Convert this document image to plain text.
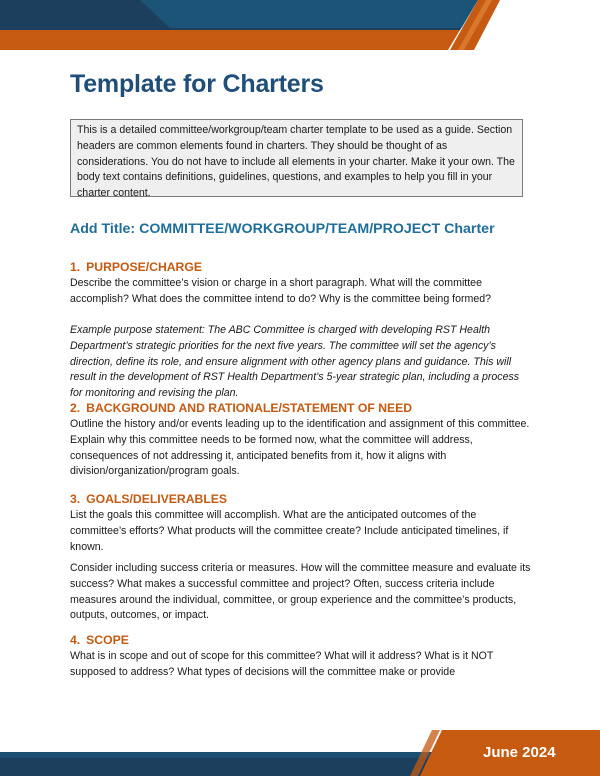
Template for Charters
This is a detailed committee/workgroup/team charter template to be used as a guide. Section headers are common elements found in charters. They should be thought of as considerations. You do not have to include all elements in your charter. Make it your own. The body text contains definitions, guidelines, questions, and examples to help you fill in your charter content.
Add Title: COMMITTEE/WORKGROUP/TEAM/PROJECT Charter
1. PURPOSE/CHARGE
Describe the committee’s vision or charge in a short paragraph. What will the committee accomplish? What does the committee intend to do? Why is the committee being formed?
Example purpose statement: The ABC Committee is charged with developing RST Health Department’s strategic priorities for the next five years. The committee will set the agency’s direction, define its role, and ensure alignment with other agency plans and guidance. This will result in the development of RST Health Department’s 5-year strategic plan, including a process for monitoring and revising the plan.
2. BACKGROUND AND RATIONALE/STATEMENT OF NEED
Outline the history and/or events leading up to the identification and assignment of this committee. Explain why this committee needs to be formed now, what the committee will address, consequences of not addressing it, anticipated benefits from it, how it aligns with division/organization/program goals.
3. GOALS/DELIVERABLES
List the goals this committee will accomplish. What are the anticipated outcomes of the committee’s efforts? What products will the committee create? Include anticipated timelines, if known.
Consider including success criteria or measures. How will the committee measure and evaluate its success? What makes a successful committee and project? Often, success criteria include measures around the individual, committee, or group experience and the committee’s products, outputs, outcomes, or impact.
4. SCOPE
What is in scope and out of scope for this committee? What will it address? What is it NOT supposed to address? What types of decisions will the committee make or provide
June 2024
